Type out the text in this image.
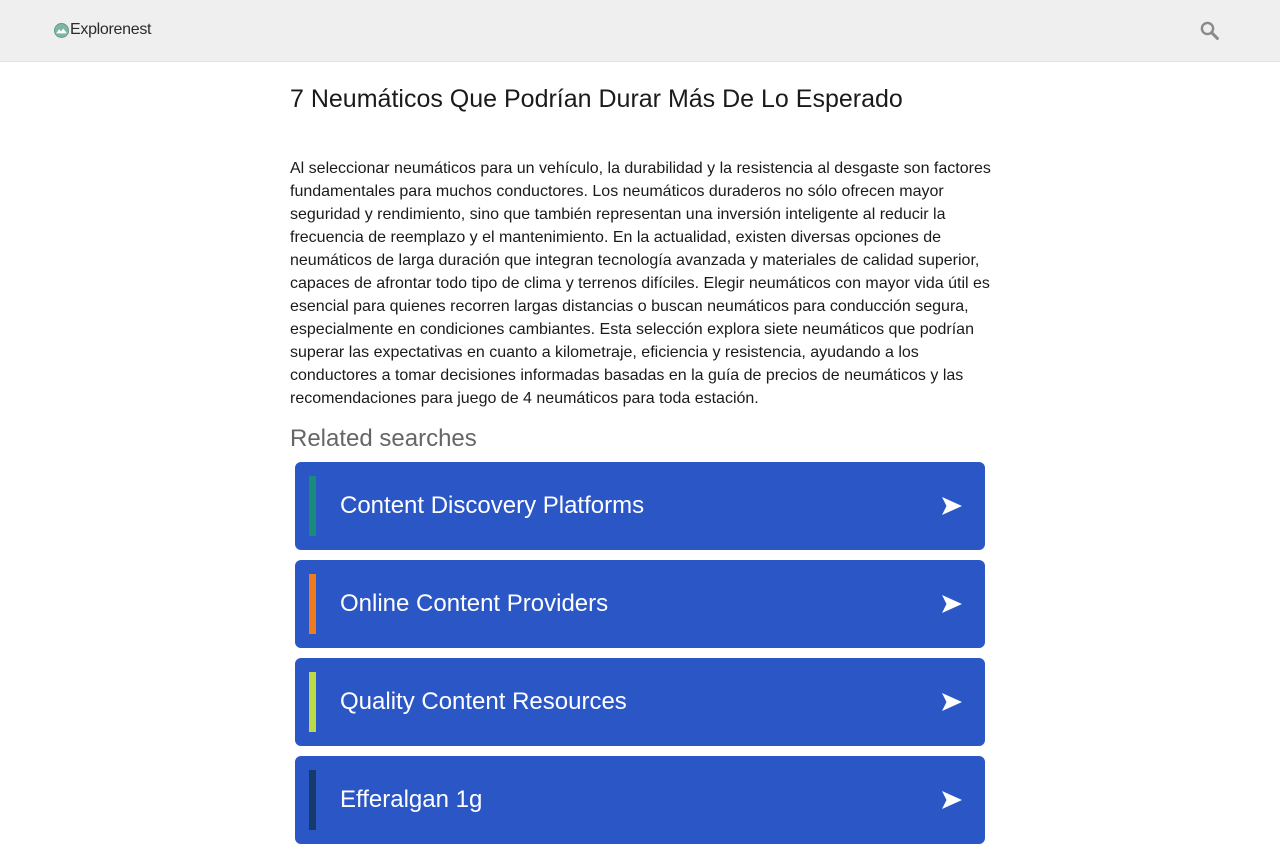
Explorenest
7 Neumáticos Que Podrían Durar Más De Lo Esperado

Al seleccionar neumáticos para un vehículo, la durabilidad y la resistencia al desgaste son factores fundamentales para muchos conductores. Los neumáticos duraderos no sólo ofrecen mayor seguridad y rendimiento, sino que también representan una inversión inteligente al reducir la frecuencia de reemplazo y el mantenimiento. En la actualidad, existen diversas opciones de neumáticos de larga duración que integran tecnología avanzada y materiales de calidad superior, capaces de afrontar todo tipo de clima y terrenos difíciles. Elegir neumáticos con mayor vida útil es esencial para quienes recorren largas distancias o buscan neumáticos para conducción segura, especialmente en condiciones cambiantes. Esta selección explora siete neumáticos que podrían superar las expectativas en cuanto a kilometraje, eficiencia y resistencia, ayudando a los conductores a tomar decisiones informadas basadas en la guía de precios de neumáticos y las recomendaciones para juego de 4 neumáticos para toda estación.

Related searches
Content Discovery Platforms
Online Content Providers
Quality Content Resources
Efferalgan 1g
